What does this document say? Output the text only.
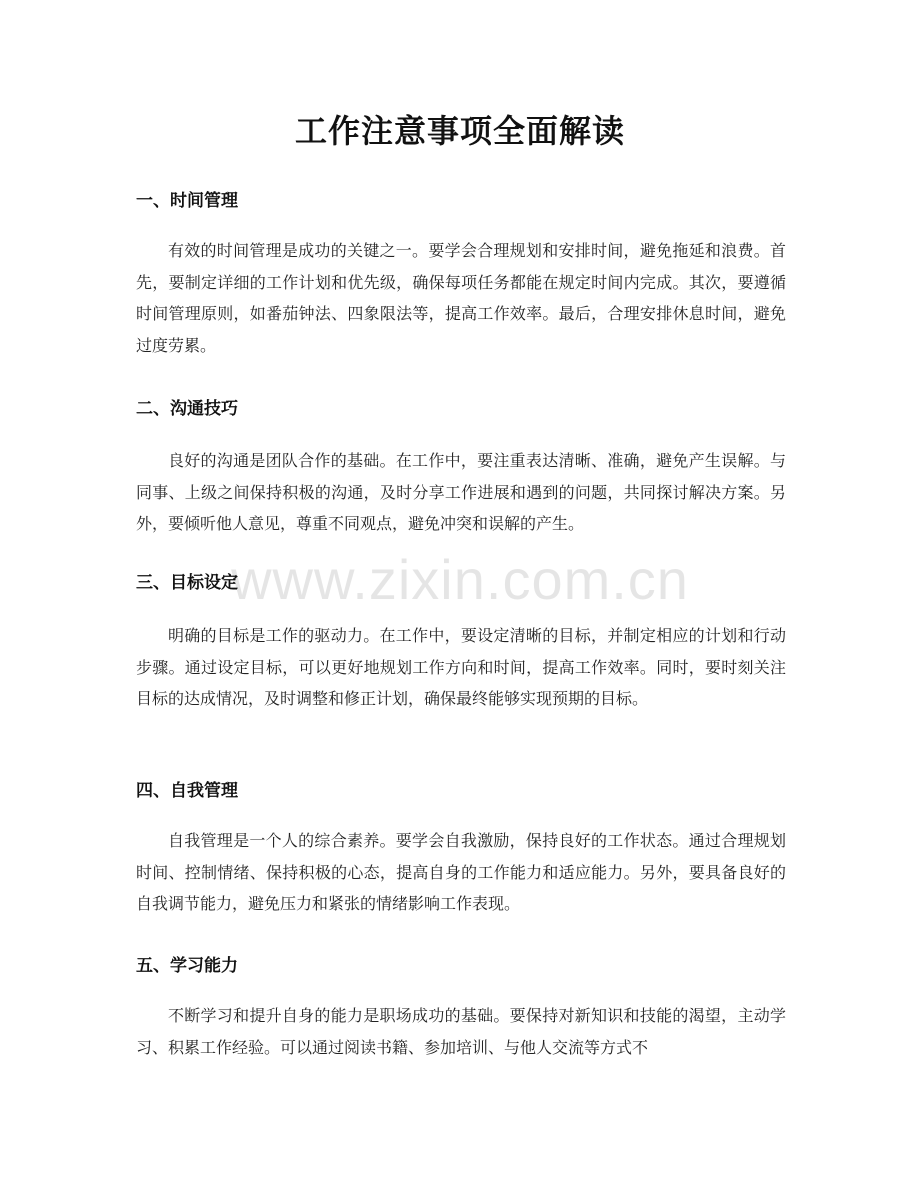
工作注意事项全面解读
一、时间管理
有效的时间管理是成功的关键之一。要学会合理规划和安排时间，避免拖延和浪费。首先，要制定详细的工作计划和优先级，确保每项任务都能在规定时间内完成。其次，要遵循时间管理原则，如番茄钟法、四象限法等，提高工作效率。最后，合理安排休息时间，避免过度劳累。
二、沟通技巧
良好的沟通是团队合作的基础。在工作中，要注重表达清晰、准确，避免产生误解。与同事、上级之间保持积极的沟通，及时分享工作进展和遇到的问题，共同探讨解决方案。另外，要倾听他人意见，尊重不同观点，避免冲突和误解的产生。
三、目标设定
明确的目标是工作的驱动力。在工作中，要设定清晰的目标，并制定相应的计划和行动步骤。通过设定目标，可以更好地规划工作方向和时间，提高工作效率。同时，要时刻关注目标的达成情况，及时调整和修正计划，确保最终能够实现预期的目标。
四、自我管理
自我管理是一个人的综合素养。要学会自我激励，保持良好的工作状态。通过合理规划时间、控制情绪、保持积极的心态，提高自身的工作能力和适应能力。另外，要具备良好的自我调节能力，避免压力和紧张的情绪影响工作表现。
五、学习能力
不断学习和提升自身的能力是职场成功的基础。要保持对新知识和技能的渴望，主动学习、积累工作经验。可以通过阅读书籍、参加培训、与他人交流等方式不
www.zixin.com.cn
